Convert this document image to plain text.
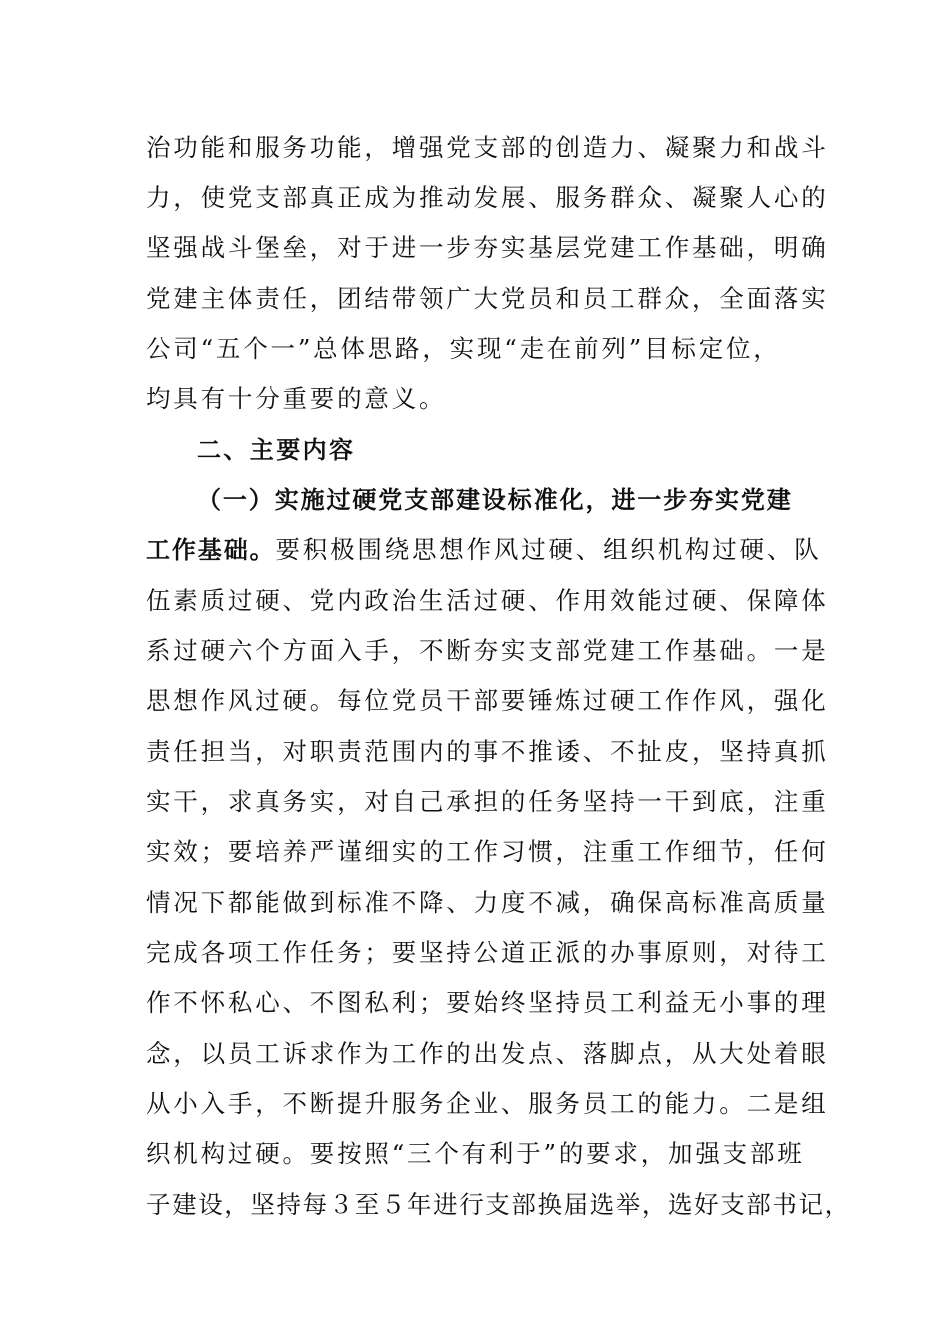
治功能和服务功能，增强党支部的创造力、凝聚力和战斗
力，使党支部真正成为推动发展、服务群众、凝聚人心的
坚强战斗堡垒，对于进一步夯实基层党建工作基础，明确
党建主体责任，团结带领广大党员和员工群众，全面落实
公司“五个一”总体思路，实现“走在前列”目标定位，
均具有十分重要的意义。
二、主要内容
（一）实施过硬党支部建设标准化，进一步夯实党建
工作基础。要积极围绕思想作风过硬、组织机构过硬、队
伍素质过硬、党内政治生活过硬、作用效能过硬、保障体
系过硬六个方面入手，不断夯实支部党建工作基础。一是
思想作风过硬。每位党员干部要锤炼过硬工作作风，强化
责任担当，对职责范围内的事不推诿、不扯皮，坚持真抓
实干，求真务实，对自己承担的任务坚持一干到底，注重
实效；要培养严谨细实的工作习惯，注重工作细节，任何
情况下都能做到标准不降、力度不减，确保高标准高质量
完成各项工作任务；要坚持公道正派的办事原则，对待工
作不怀私心、不图私利；要始终坚持员工利益无小事的理
念，以员工诉求作为工作的出发点、落脚点，从大处着眼
从小入手，不断提升服务企业、服务员工的能力。二是组
织机构过硬。要按照“三个有利于”的要求，加强支部班
子建设，坚持每３至５年进行支部换届选举，选好支部书记，
